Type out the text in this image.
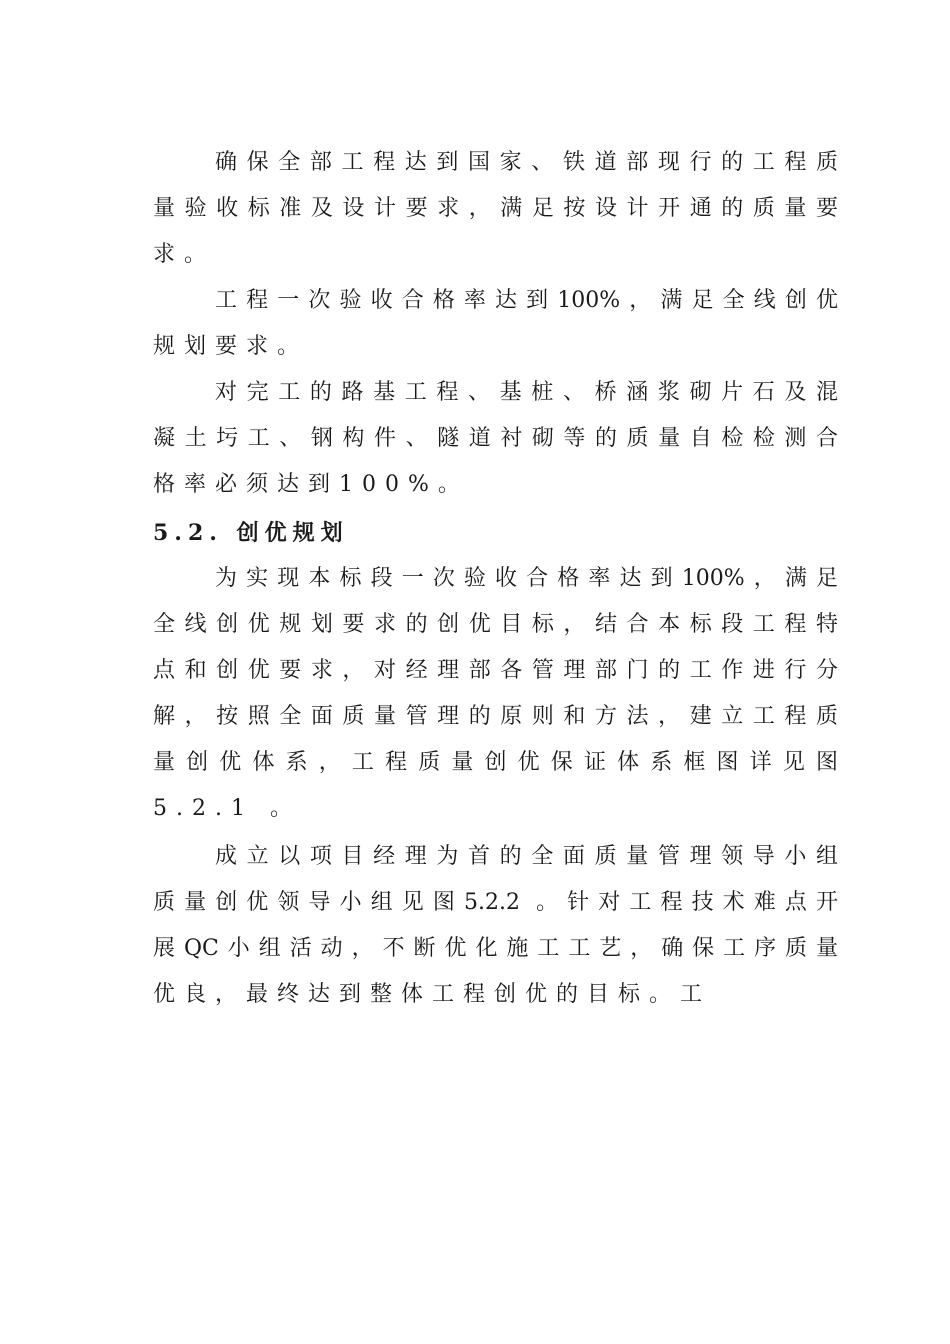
确保全部工程达到国家、铁道部现行的工程质
量验收标准及设计要求，满足按设计开通的质量要
求。
工程一次验收合格率达到100%，满足全线创优
规划要求。
对完工的路基工程、基桩、桥涵浆砌片石及混
凝土圬工、钢构件、隧道衬砌等的质量自检检测合
格率必须达到100%。
5.2. 创优规划
为实现本标段一次验收合格率达到100%，满足
全线创优规划要求的创优目标，结合本标段工程特
点和创优要求，对经理部各管理部门的工作进行分
解，按照全面质量管理的原则和方法，建立工程质
量创优体系，工程质量创优保证体系框图详见图
5.2.1 。
成立以项目经理为首的全面质量管理领导小组
质量创优领导小组见图5.2.2 。针对工程技术难点开
展QC小组活动，不断优化施工工艺，确保工序质量
优良，最终达到整体工程创优的目标。工
